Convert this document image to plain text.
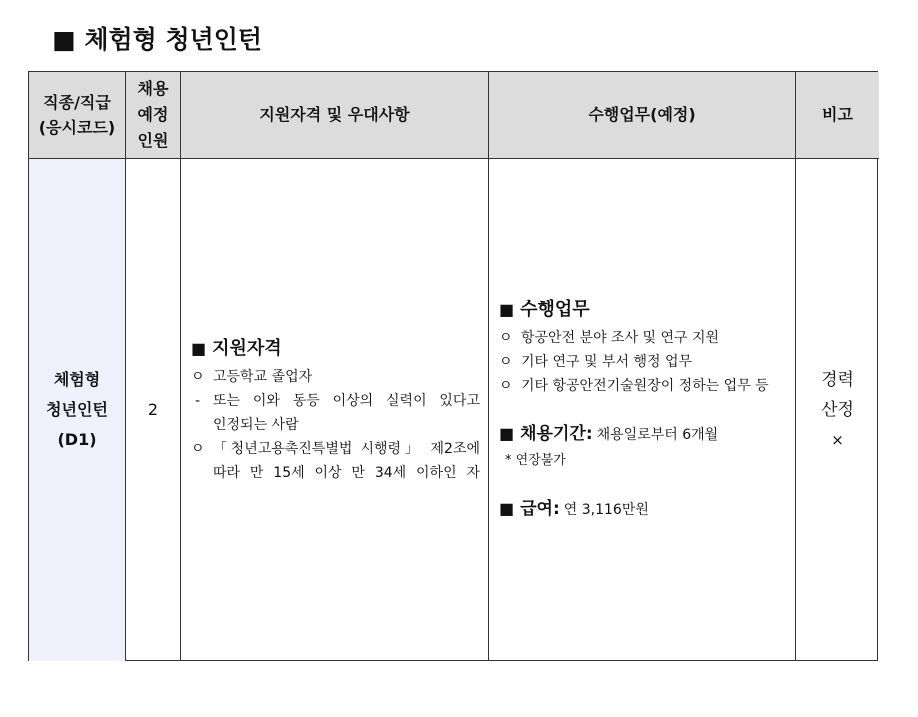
■ 체험형 청년인턴
직종/직급
(응시코드)
채용
예정
인원
지원자격 및 우대사항	수행업무(예정)	비고
체험형
청년인턴
(D1)
2
■ 지원자격
ㅇ 고등학교 졸업자
- 또는 이와 동등 이상의 실력이 있다고
인정되는 사람
ㅇ 「청년고용촉진특별법 시행령」 제2조에
따라 만 15세 이상 만 34세 이하인 자
■ 수행업무
ㅇ 항공안전 분야 조사 및 연구 지원
ㅇ 기타 연구 및 부서 행정 업무
ㅇ 기타 항공안전기술원장이 정하는 업무 등
■ 채용기간: 채용일로부터 6개월
* 연장불가
■ 급여: 연 3,116만원
경력
산정
×
